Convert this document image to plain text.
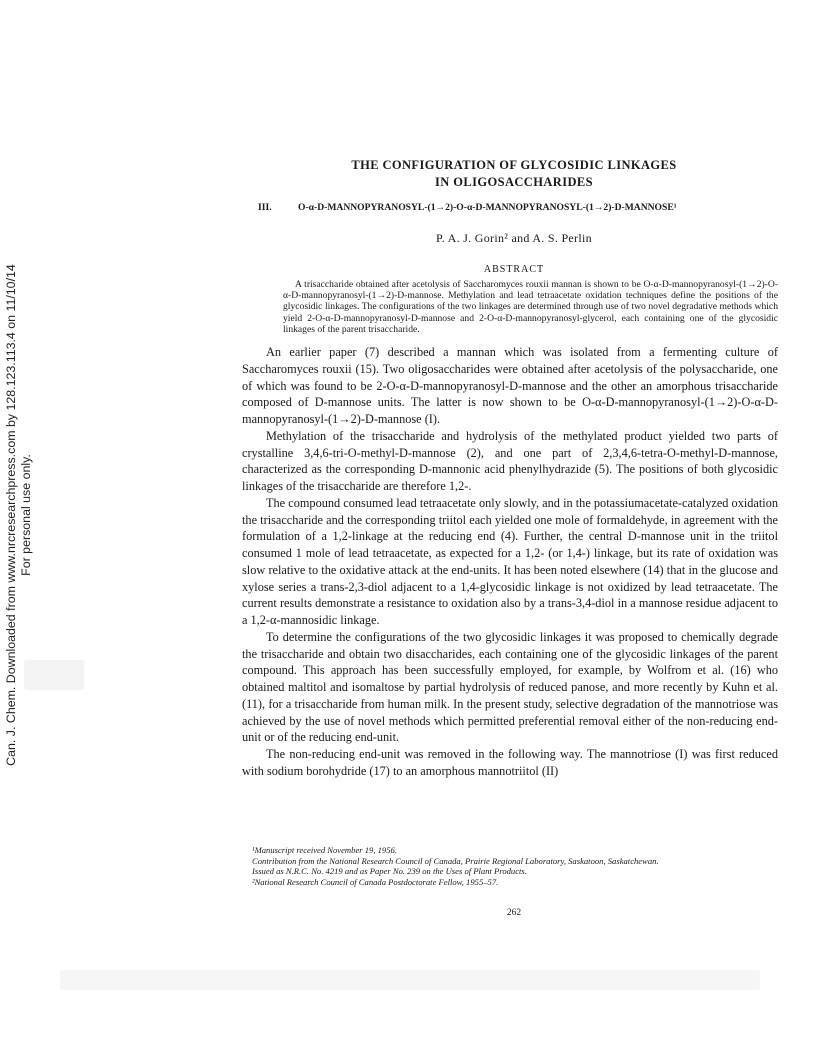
Can. J. Chem. Downloaded from www.nrcresearchpress.com by 128.123.113.4 on 11/10/14 For personal use only.
THE CONFIGURATION OF GLYCOSIDIC LINKAGES
IN OLIGOSACCHARIDES
III.	O-α-D-MANNOPYRANOSYL-(1→2)-O-α-D-MANNOPYRANOSYL-(1→2)-D-MANNOSE¹
P. A. J. Gorin² and A. S. Perlin
ABSTRACT
A trisaccharide obtained after acetolysis of Saccharomyces rouxii mannan is shown to be O-α-D-mannopyranosyl-(1→2)-O-α-D-mannopyranosyl-(1→2)-D-mannose. Methylation and lead tetraacetate oxidation techniques define the positions of the glycosidic linkages. The configurations of the two linkages are determined through use of two novel degradative methods which yield 2-O-α-D-mannopyranosyl-D-mannose and 2-O-α-D-mannopyranosyl-glycerol, each containing one of the glycosidic linkages of the parent trisaccharide.

An earlier paper (7) described a mannan which was isolated from a fermenting culture of Saccharomyces rouxii (15). Two oligosaccharides were obtained after acetolysis of the polysaccharide, one of which was found to be 2-O-α-D-mannopyranosyl-D-mannose and the other an amorphous trisaccharide composed of D-mannose units. The latter is now shown to be O-α-D-mannopyranosyl-(1→2)-O-α-D-mannopyranosyl-(1→2)-D-mannose (I).

Methylation of the trisaccharide and hydrolysis of the methylated product yielded two parts of crystalline 3,4,6-tri-O-methyl-D-mannose (2), and one part of 2,3,4,6-tetra-O-methyl-D-mannose, characterized as the corresponding D-mannonic acid phenylhydrazide (5). The positions of both glycosidic linkages of the trisaccharide are therefore 1,2-.

The compound consumed lead tetraacetate only slowly, and in the potassiumacetate-catalyzed oxidation the trisaccharide and the corresponding triitol each yielded one mole of formaldehyde, in agreement with the formulation of a 1,2-linkage at the reducing end (4). Further, the central D-mannose unit in the triitol consumed 1 mole of lead tetraacetate, as expected for a 1,2- (or 1,4-) linkage, but its rate of oxidation was slow relative to the oxidative attack at the end-units. It has been noted elsewhere (14) that in the glucose and xylose series a trans-2,3-diol adjacent to a 1,4-glycosidic linkage is not oxidized by lead tetraacetate. The current results demonstrate a resistance to oxidation also by a trans-3,4-diol in a mannose residue adjacent to a 1,2-α-mannosidic linkage.

To determine the configurations of the two glycosidic linkages it was proposed to chemically degrade the trisaccharide and obtain two disaccharides, each containing one of the glycosidic linkages of the parent compound. This approach has been successfully employed, for example, by Wolfrom et al. (16) who obtained maltitol and isomaltose by partial hydrolysis of reduced panose, and more recently by Kuhn et al. (11), for a trisaccharide from human milk. In the present study, selective degradation of the mannotriose was achieved by the use of novel methods which permitted preferential removal either of the non-reducing end-unit or of the reducing end-unit.

The non-reducing end-unit was removed in the following way. The mannotriose (I) was first reduced with sodium borohydride (17) to an amorphous mannotriitol (II)

¹Manuscript received November 19, 1956.

Contribution from the National Research Council of Canada, Prairie Regional Laboratory, Saskatoon, Saskatchewan.

Issued as N.R.C. No. 4219 and as Paper No. 239 on the Uses of Plant Products.

²National Research Council of Canada Postdoctorate Fellow, 1955–57.

262
